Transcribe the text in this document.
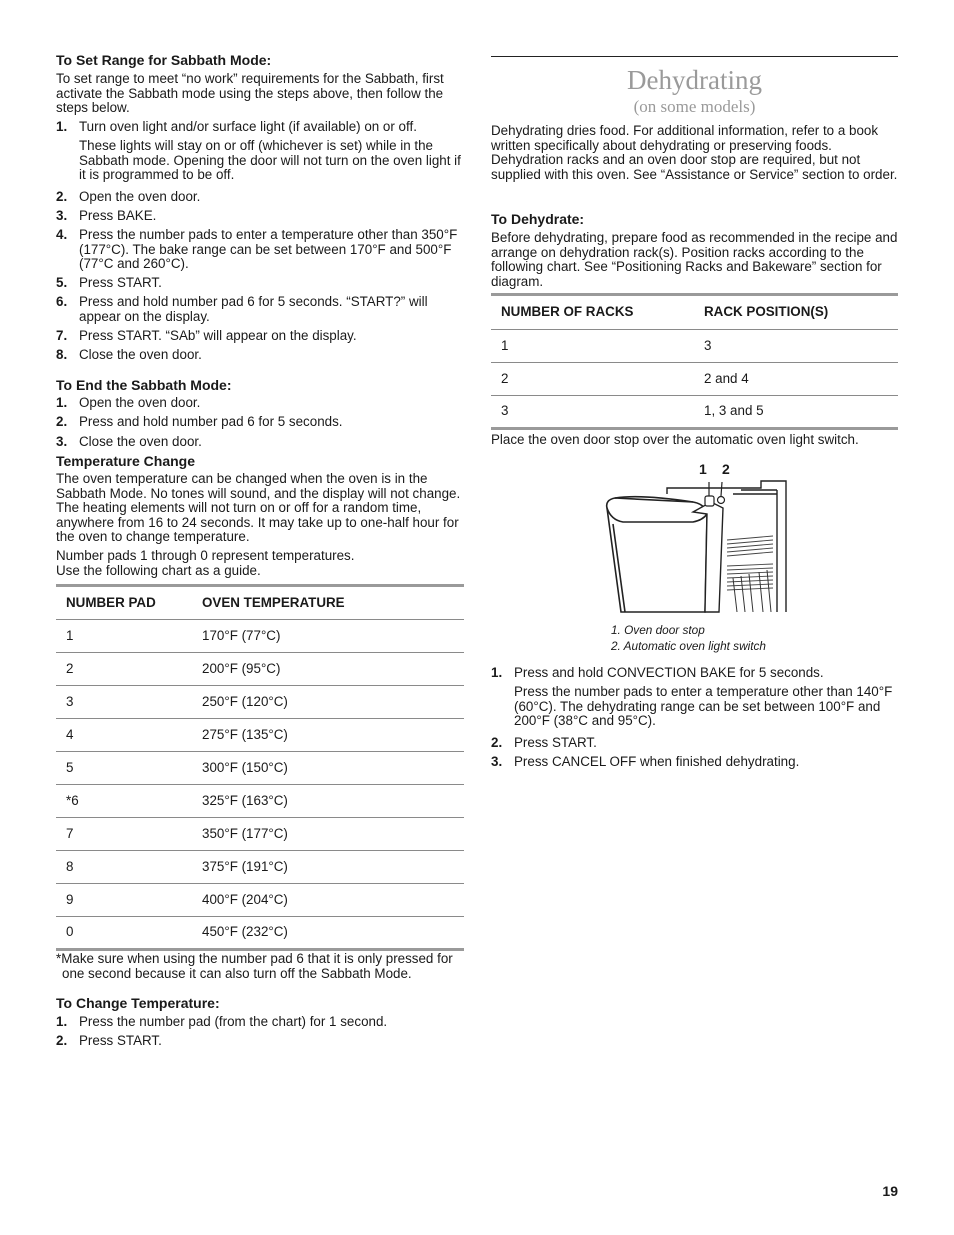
To Set Range for Sabbath Mode:
To set range to meet “no work” requirements for the Sabbath, first activate the Sabbath mode using the steps above, then follow the steps below.
1. Turn oven light and/or surface light (if available) on or off.
These lights will stay on or off (whichever is set) while in the Sabbath mode. Opening the door will not turn on the oven light if it is programmed to be off.
2. Open the oven door.
3. Press BAKE.
4. Press the number pads to enter a temperature other than 350°F (177°C). The bake range can be set between 170°F and 500°F (77°C and 260°C).
5. Press START.
6. Press and hold number pad 6 for 5 seconds. “START?” will appear on the display.
7. Press START. “SAb” will appear on the display.
8. Close the oven door.
To End the Sabbath Mode:
1. Open the oven door.
2. Press and hold number pad 6 for 5 seconds.
3. Close the oven door.
Temperature Change
The oven temperature can be changed when the oven is in the Sabbath Mode. No tones will sound, and the display will not change. The heating elements will not turn on or off for a random time, anywhere from 16 to 24 seconds. It may take up to one-half hour for the oven to change temperature.
Number pads 1 through 0 represent temperatures.
Use the following chart as a guide.
NUMBER PAD	OVEN TEMPERATURE
1	170°F (77°C)
2	200°F (95°C)
3	250°F (120°C)
4	275°F (135°C)
5	300°F (150°C)
*6	325°F (163°C)
7	350°F (177°C)
8	375°F (191°C)
9	400°F (204°C)
0	450°F (232°C)
*Make sure when using the number pad 6 that it is only pressed for one second because it can also turn off the Sabbath Mode.
To Change Temperature:
1. Press the number pad (from the chart) for 1 second.
2. Press START.
Dehydrating
(on some models)
Dehydrating dries food. For additional information, refer to a book written specifically about dehydrating or preserving foods. Dehydration racks and an oven door stop are required, but not supplied with this oven. See “Assistance or Service” section to order.
To Dehydrate:
Before dehydrating, prepare food as recommended in the recipe and arrange on dehydration rack(s). Position racks according to the following chart. See “Positioning Racks and Bakeware” section for diagram.
NUMBER OF RACKS	RACK POSITION(S)
1	3
2	2 and 4
3	1, 3 and 5
Place the oven door stop over the automatic oven light switch.
1 2
1. Oven door stop
2. Automatic oven light switch
1. Press and hold CONVECTION BAKE for 5 seconds.
Press the number pads to enter a temperature other than 140°F (60°C). The dehydrating range can be set between 100°F and 200°F (38°C and 95°C).
2. Press START.
3. Press CANCEL OFF when finished dehydrating.
19
